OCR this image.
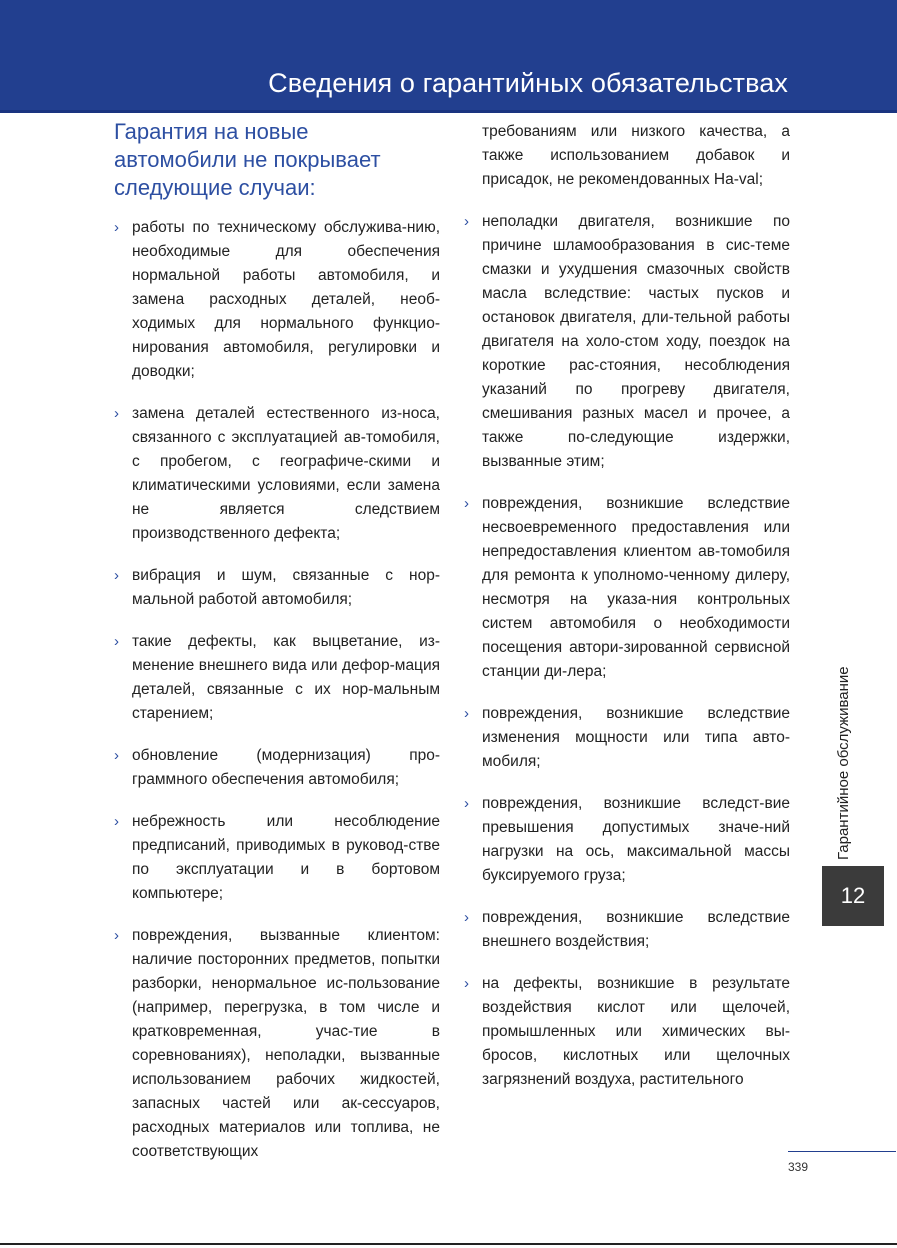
Сведения о гарантийных обязательствах
Гарантия на новые
автомобили не покрывает
следующие случаи:
› работы по техническому обслужива-нию, необходимые для обеспечения нормальной работы автомобиля, и замена расходных деталей, необ-ходимых для нормального функцио-нирования автомобиля, регулировки и доводки;
› замена деталей естественного из-носа, связанного с эксплуатацией ав-томобиля, с пробегом, с географиче-скими и климатическими условиями, если замена не является следствием производственного дефекта;
› вибрация и шум, связанные с нор-мальной работой автомобиля;
› такие дефекты, как выцветание, из-менение внешнего вида или дефор-мация деталей, связанные с их нор-мальным старением;
› обновление (модернизация) про-граммного обеспечения автомобиля;
› небрежность или несоблюдение предписаний, приводимых в руковод-стве по эксплуатации и в бортовом компьютере;
› повреждения, вызванные клиентом: наличие посторонних предметов, попытки разборки, ненормальное ис-пользование (например, перегрузка, в том числе и кратковременная, учас-тие в соревнованиях), неполадки, вызванные использованием рабочих жидкостей, запасных частей или ак-сессуаров, расходных материалов или топлива, не соответствующих
требованиям или низкого качества, а также использованием добавок и присадок, не рекомендованных Ha-val;
› неполадки двигателя, возникшие по причине шламообразования в сис-теме смазки и ухудшения смазочных свойств масла вследствие: частых пусков и остановок двигателя, дли-тельной работы двигателя на холо-стом ходу, поездок на короткие рас-стояния, несоблюдения указаний по прогреву двигателя, смешивания разных масел и прочее, а также по-следующие издержки, вызванные этим;
› повреждения, возникшие вследствие несвоевременного предоставления или непредоставления клиентом ав-томобиля для ремонта к уполномо-ченному дилеру, несмотря на указа-ния контрольных систем автомобиля о необходимости посещения автори-зированной сервисной станции ди-лера;
› повреждения, возникшие вследствие изменения мощности или типа авто-мобиля;
› повреждения, возникшие вследст-вие превышения допустимых значе-ний нагрузки на ось, максимальной массы буксируемого груза;
› повреждения, возникшие вследствие внешнего воздействия;
› на дефекты, возникшие в результате воздействия кислот или щелочей, промышленных или химических вы-бросов, кислотных или щелочных загрязнений воздуха, растительного
Гарантийное обслуживание
12
339
